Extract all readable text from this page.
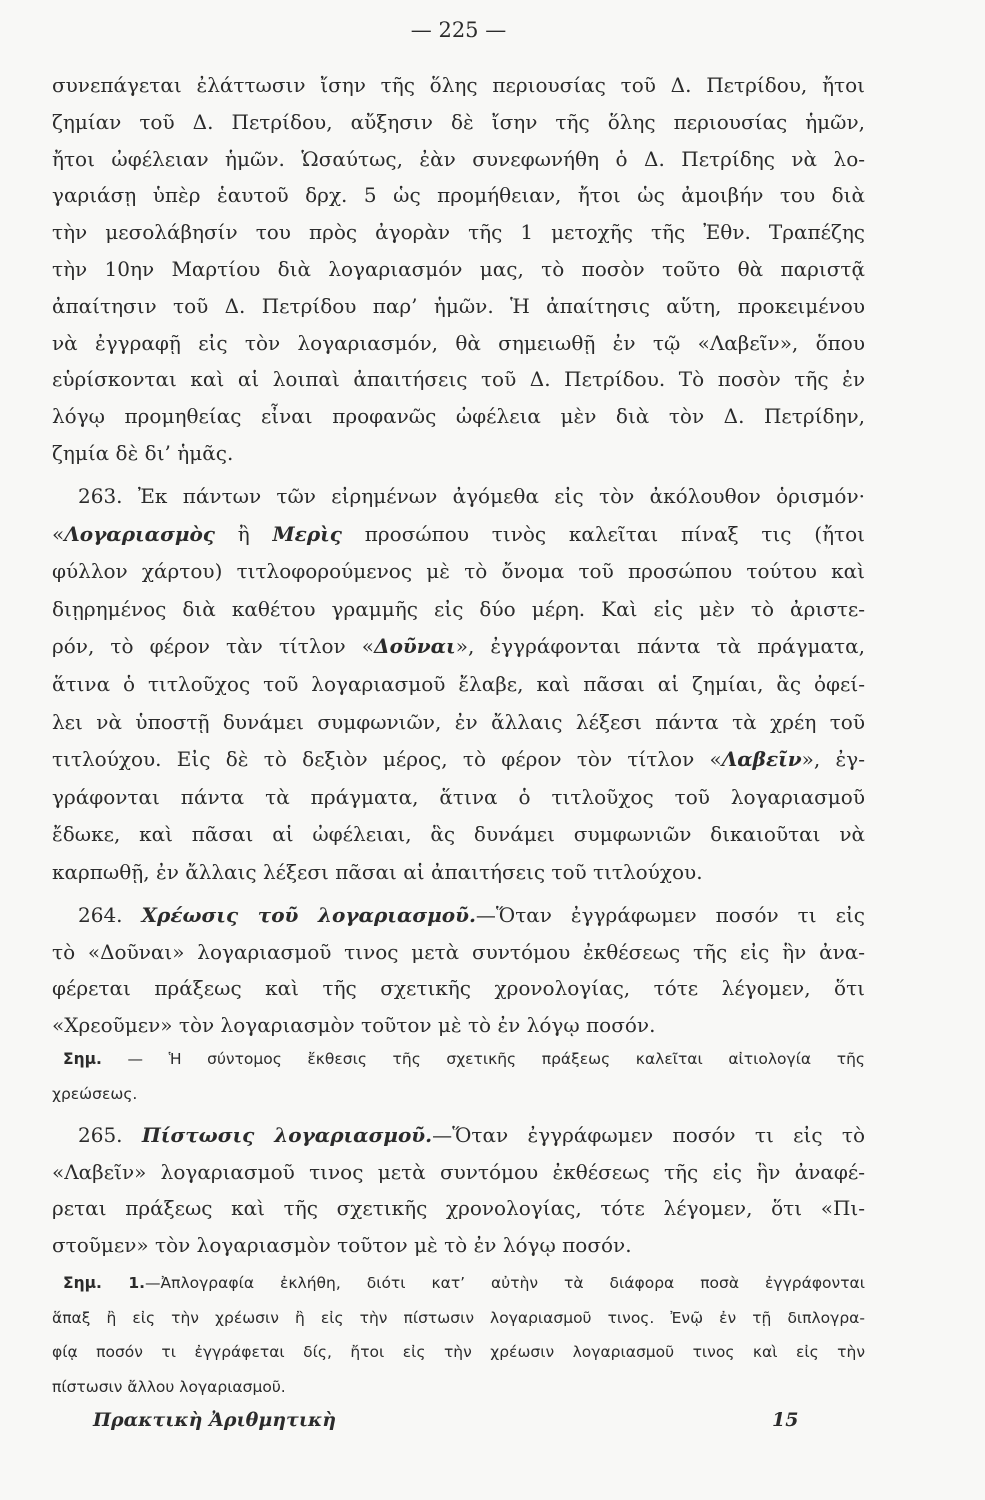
— 225 —
συνεπάγεται ἐλάττωσιν ἴσην τῆς ὅλης περιουσίας τοῦ Δ. Πετρίδου, ἤτοι
ζημίαν τοῦ Δ. Πετρίδου, αὔξησιν δὲ ἴσην τῆς ὅλης περιουσίας ἡμῶν,
ἤτοι ὠφέλειαν ἡμῶν. Ὡσαύτως, ἐὰν συνεφωνήθη ὁ Δ. Πετρίδης νὰ λο-
γαριάσῃ ὑπὲρ ἑαυτοῦ δρχ. 5 ὡς προμήθειαν, ἤτοι ὡς ἀμοιβήν του διὰ
τὴν μεσολάβησίν του πρὸς ἀγορὰν τῆς 1 μετοχῆς τῆς Ἐθν. Τραπέζης
τὴν 10ην Μαρτίου διὰ λογαριασμόν μας, τὸ ποσὸν τοῦτο θὰ παριστᾷ
ἀπαίτησιν τοῦ Δ. Πετρίδου παρ’ ἡμῶν. Ἡ ἀπαίτησις αὕτη, προκειμένου
νὰ ἐγγραφῇ εἰς τὸν λογαριασμόν, θὰ σημειωθῇ ἐν τῷ «Λαβεῖν», ὅπου
εὑρίσκονται καὶ αἱ λοιπαὶ ἀπαιτήσεις τοῦ Δ. Πετρίδου. Τὸ ποσὸν τῆς ἐν
λόγῳ προμηθείας εἶναι προφανῶς ὠφέλεια μὲν διὰ τὸν Δ. Πετρίδην,
ζημία δὲ δι’ ἡμᾶς.
263. Ἐκ πάντων τῶν εἰρημένων ἀγόμεθα εἰς τὸν ἀκόλουθον ὁρισμόν·
«Λογαριασμὸς ἢ Μερὶς προσώπου τινὸς καλεῖται πίναξ τις (ἤτοι
φύλλον χάρτου) τιτλοφορούμενος μὲ τὸ ὄνομα τοῦ προσώπου τούτου καὶ
διῃρημένος διὰ καθέτου γραμμῆς εἰς δύο μέρη. Καὶ εἰς μὲν τὸ ἀριστε-
ρόν, τὸ φέρον τὰν τίτλον «Δοῦναι», ἐγγράφονται πάντα τὰ πράγματα,
ἅτινα ὁ τιτλοῦχος τοῦ λογαριασμοῦ ἔλαβε, καὶ πᾶσαι αἱ ζημίαι, ἃς ὀφεί-
λει νὰ ὑποστῇ δυνάμει συμφωνιῶν, ἐν ἄλλαις λέξεσι πάντα τὰ χρέη τοῦ
τιτλούχου. Εἰς δὲ τὸ δεξιὸν μέρος, τὸ φέρον τὸν τίτλον «Λαβεῖν», ἐγ-
γράφονται πάντα τὰ πράγματα, ἅτινα ὁ τιτλοῦχος τοῦ λογαριασμοῦ
ἔδωκε, καὶ πᾶσαι αἱ ὠφέλειαι, ἃς δυνάμει συμφωνιῶν δικαιοῦται νὰ
καρπωθῇ, ἐν ἄλλαις λέξεσι πᾶσαι αἱ ἀπαιτήσεις τοῦ τιτλούχου.
264. Χρέωσις τοῦ λογαριασμοῦ.—Ὅταν ἐγγράφωμεν ποσόν τι εἰς
τὸ «Δοῦναι» λογαριασμοῦ τινος μετὰ συντόμου ἐκθέσεως τῆς εἰς ἣν ἀνα-
φέρεται πράξεως καὶ τῆς σχετικῆς χρονολογίας, τότε λέγομεν, ὅτι
«Χρεοῦμεν» τὸν λογαριασμὸν τοῦτον μὲ τὸ ἐν λόγῳ ποσόν.
Σημ. — Ἡ σύντομος ἔκθεσις τῆς σχετικῆς πράξεως καλεῖται αἰτιολογία τῆς
χρεώσεως.
265. Πίστωσις λογαριασμοῦ.—Ὅταν ἐγγράφωμεν ποσόν τι εἰς τὸ
«Λαβεῖν» λογαριασμοῦ τινος μετὰ συντόμου ἐκθέσεως τῆς εἰς ἣν ἀναφέ-
ρεται πράξεως καὶ τῆς σχετικῆς χρονολογίας, τότε λέγομεν, ὅτι «Πι-
στοῦμεν» τὸν λογαριασμὸν τοῦτον μὲ τὸ ἐν λόγῳ ποσόν.
Σημ. 1.—Ἀπλογραφία ἐκλήθη, διότι κατ’ αὐτὴν τὰ διάφορα ποσὰ ἐγγράφονται
ἅπαξ ἢ εἰς τὴν χρέωσιν ἢ εἰς τὴν πίστωσιν λογαριασμοῦ τινος. Ἐνῷ ἐν τῇ διπλογρα-
φίᾳ ποσόν τι ἐγγράφεται δίς, ἤτοι εἰς τὴν χρέωσιν λογαριασμοῦ τινος καὶ εἰς τὴν
πίστωσιν ἄλλου λογαριασμοῦ.
Πρακτικὴ Ἀριθμητικὴ	15
